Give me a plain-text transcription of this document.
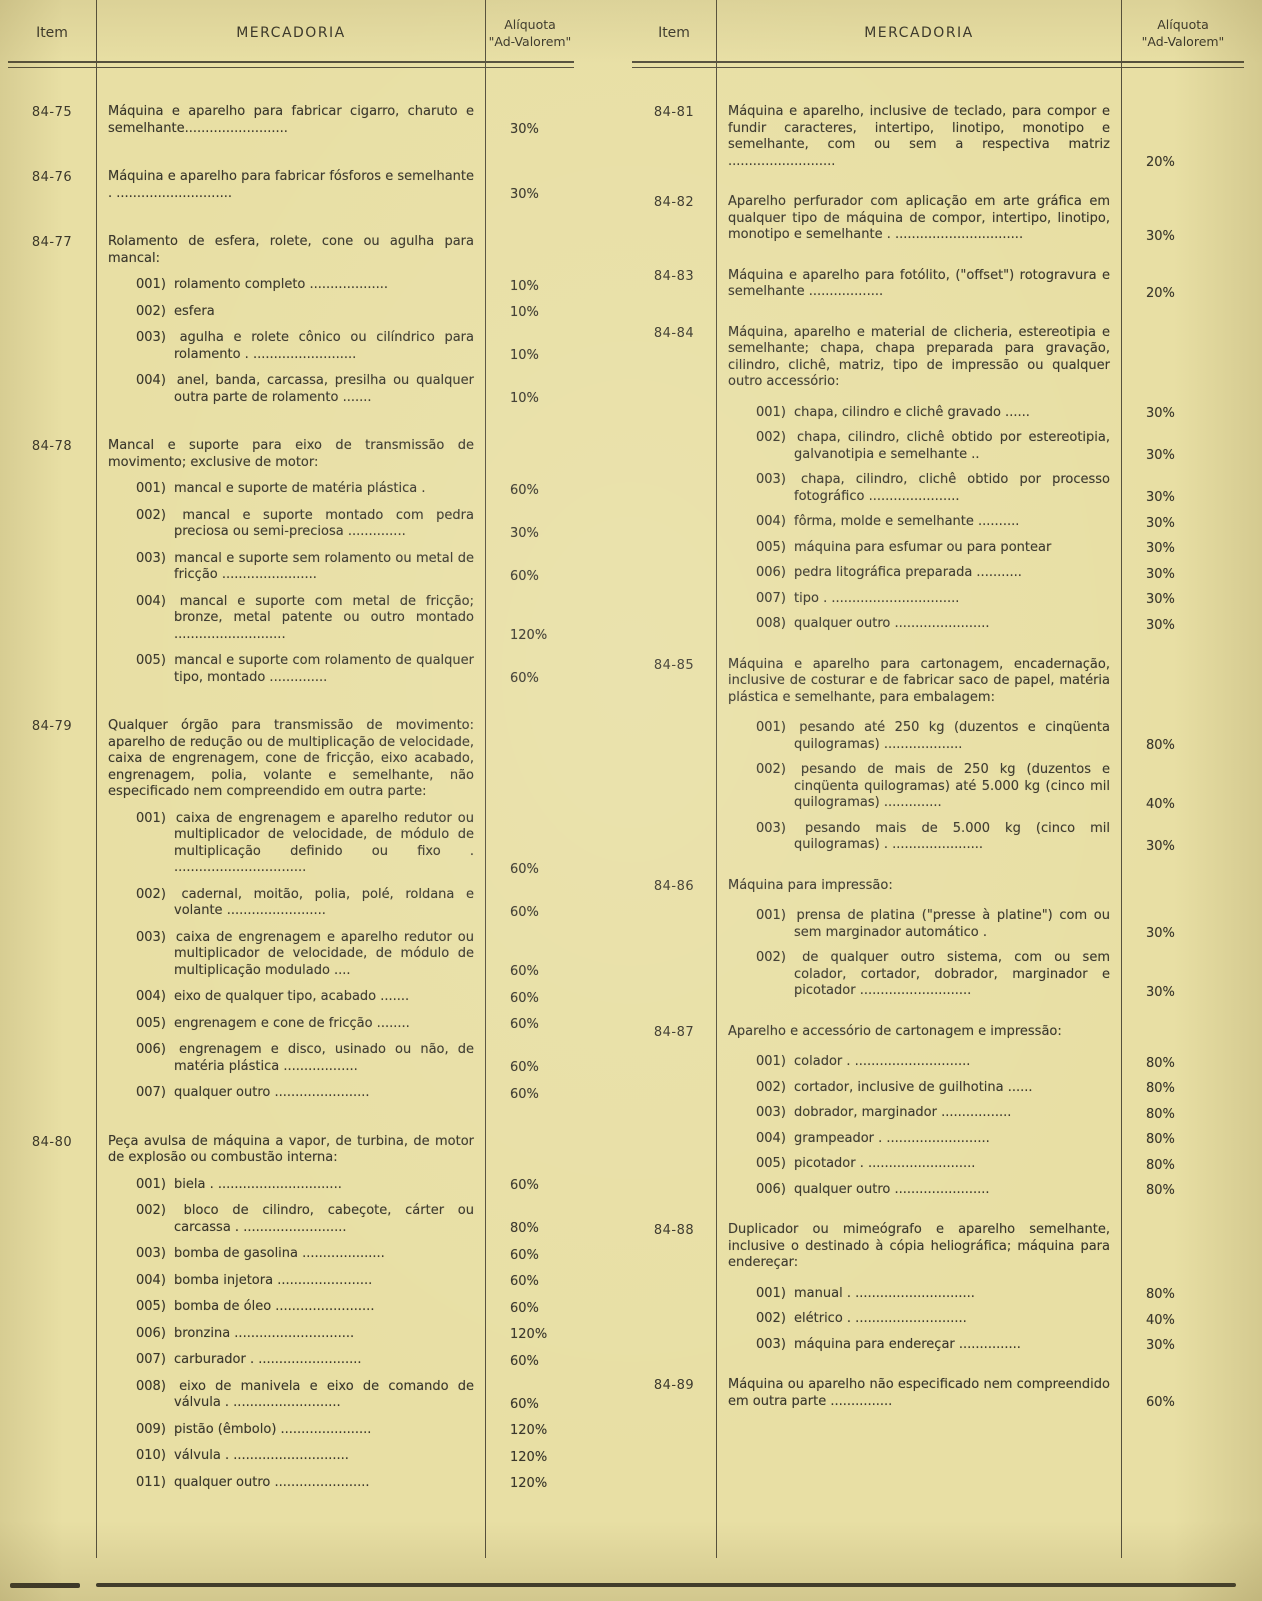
Item	MERCADORIA
Alíquota
"Ad-Valorem"
84-75	Máquina e aparelho para fabricar cigarro, charuto e semelhante.........................	30%
84-76	Máquina e aparelho para fabricar fósforos e semelhante . ............................	30%
84-77	Rolamento de esfera, rolete, cone ou agulha para mancal:
001) rolamento completo ...................	10%
002) esfera	10%
003) agulha e rolete cônico ou cilíndrico para rolamento . .........................	10%
004) anel, banda, carcassa, presilha ou qualquer outra parte de rolamento .......	10%
84-78	Mancal e suporte para eixo de transmissão de movimento; exclusive de motor:
001) mancal e suporte de matéria plástica .	60%
002) mancal e suporte montado com pedra preciosa ou semi-preciosa ..............	30%
003) mancal e suporte sem rolamento ou metal de fricção .......................	60%
004) mancal e suporte com metal de fricção; bronze, metal patente ou outro montado ...........................	120%
005) mancal e suporte com rolamento de qualquer tipo, montado ..............	60%
84-79	Qualquer órgão para transmissão de movimento: aparelho de redução ou de multiplicação de velocidade, caixa de engrenagem, cone de fricção, eixo acabado, engrenagem, polia, volante e semelhante, não especificado nem compreendido em outra parte:
001) caixa de engrenagem e aparelho redutor ou multiplicador de velocidade, de módulo de multiplicação definido ou fixo . ................................	60%
002) cadernal, moitão, polia, polé, roldana e volante ........................	60%
003) caixa de engrenagem e aparelho redutor ou multiplicador de velocidade, de módulo de multiplicação modulado ....	60%
004) eixo de qualquer tipo, acabado .......	60%
005) engrenagem e cone de fricção ........	60%
006) engrenagem e disco, usinado ou não, de matéria plástica ..................	60%
007) qualquer outro .......................	60%
84-80	Peça avulsa de máquina a vapor, de turbina, de motor de explosão ou combustão interna:
001) biela . ..............................	60%
002) bloco de cilindro, cabeçote, cárter ou carcassa . .........................	80%
003) bomba de gasolina ....................	60%
004) bomba injetora .......................	60%
005) bomba de óleo ........................	60%
006) bronzina .............................	120%
007) carburador . .........................	60%
008) eixo de manivela e eixo de comando de válvula . ..........................	60%
009) pistão (êmbolo) ......................	120%
010) válvula . ............................	120%
011) qualquer outro .......................	120%
Item	MERCADORIA
Alíquota
"Ad-Valorem"
84-81	Máquina e aparelho, inclusive de teclado, para compor e fundir caracteres, intertipo, linotipo, monotipo e semelhante, com ou sem a respectiva matriz ..........................	20%
84-82	Aparelho perfurador com aplicação em arte gráfica em qualquer tipo de máquina de compor, intertipo, linotipo, monotipo e semelhante . ...............................	30%
84-83	Máquina e aparelho para fotólito, ("offset") rotogravura e semelhante ..................	20%
84-84	Máquina, aparelho e material de clicheria, estereotipia e semelhante; chapa, chapa preparada para gravação, cilindro, clichê, matriz, tipo de impressão ou qualquer outro accessório:
001) chapa, cilindro e clichê gravado ......	30%
002) chapa, cilindro, clichê obtido por estereotipia, galvanotipia e semelhante ..	30%
003) chapa, cilindro, clichê obtido por processo fotográfico ......................	30%
004) fôrma, molde e semelhante ..........	30%
005) máquina para esfumar ou para pontear	30%
006) pedra litográfica preparada ...........	30%
007) tipo . ...............................	30%
008) qualquer outro .......................	30%
84-85	Máquina e aparelho para cartonagem, encadernação, inclusive de costurar e de fabricar saco de papel, matéria plástica e semelhante, para embalagem:
001) pesando até 250 kg (duzentos e cinqüenta quilogramas) ...................	80%
002) pesando de mais de 250 kg (duzentos e cinqüenta quilogramas) até 5.000 kg (cinco mil quilogramas) ..............	40%
003) pesando mais de 5.000 kg (cinco mil quilogramas) . ......................	30%
84-86	Máquina para impressão:
001) prensa de platina ("presse à platine") com ou sem marginador automático .	30%
002) de qualquer outro sistema, com ou sem colador, cortador, dobrador, marginador e picotador ...........................	30%
84-87	Aparelho e accessório de cartonagem e impressão:
001) colador . ............................	80%
002) cortador, inclusive de guilhotina ......	80%
003) dobrador, marginador .................	80%
004) grampeador . .........................	80%
005) picotador . ..........................	80%
006) qualquer outro .......................	80%
84-88	Duplicador ou mimeógrafo e aparelho semelhante, inclusive o destinado à cópia heliográfica; máquina para endereçar:
001) manual . .............................	80%
002) elétrico . ...........................	40%
003) máquina para endereçar ...............	30%
84-89	Máquina ou aparelho não especificado nem compreendido em outra parte ...............	60%
